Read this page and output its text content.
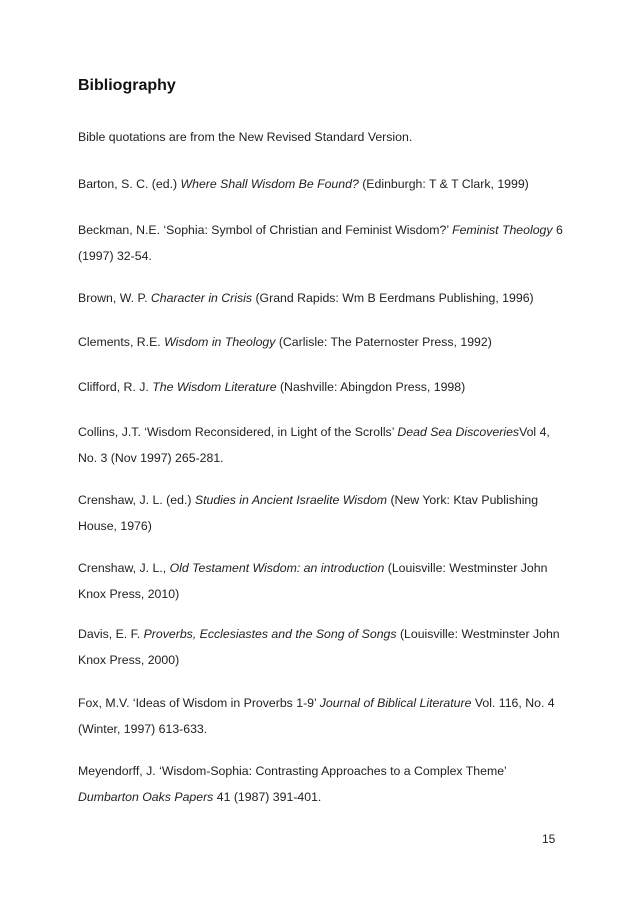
Bibliography

Bible quotations are from the New Revised Standard Version.

Barton, S. C. (ed.) Where Shall Wisdom Be Found? (Edinburgh: T & T Clark, 1999)

Beckman, N.E. ‘Sophia: Symbol of Christian and Feminist Wisdom?’ Feminist Theology 6 (1997) 32-54.

Brown, W. P. Character in Crisis (Grand Rapids: Wm B Eerdmans Publishing, 1996)

Clements, R.E. Wisdom in Theology (Carlisle: The Paternoster Press, 1992)

Clifford, R. J. The Wisdom Literature (Nashville: Abingdon Press, 1998)

Collins, J.T. ‘Wisdom Reconsidered, in Light of the Scrolls’ Dead Sea DiscoveriesVol 4, No. 3 (Nov 1997) 265-281.

Crenshaw, J. L. (ed.) Studies in Ancient Israelite Wisdom (New York: Ktav Publishing House, 1976)

Crenshaw, J. L., Old Testament Wisdom: an introduction (Louisville: Westminster John Knox Press, 2010)

Davis, E. F. Proverbs, Ecclesiastes and the Song of Songs (Louisville: Westminster John Knox Press, 2000)

Fox, M.V. ‘Ideas of Wisdom in Proverbs 1-9’ Journal of Biblical Literature Vol. 116, No. 4 (Winter, 1997) 613-633.

Meyendorff, J. ‘Wisdom-Sophia: Contrasting Approaches to a Complex Theme’ Dumbarton Oaks Papers 41 (1987) 391-401.

15
